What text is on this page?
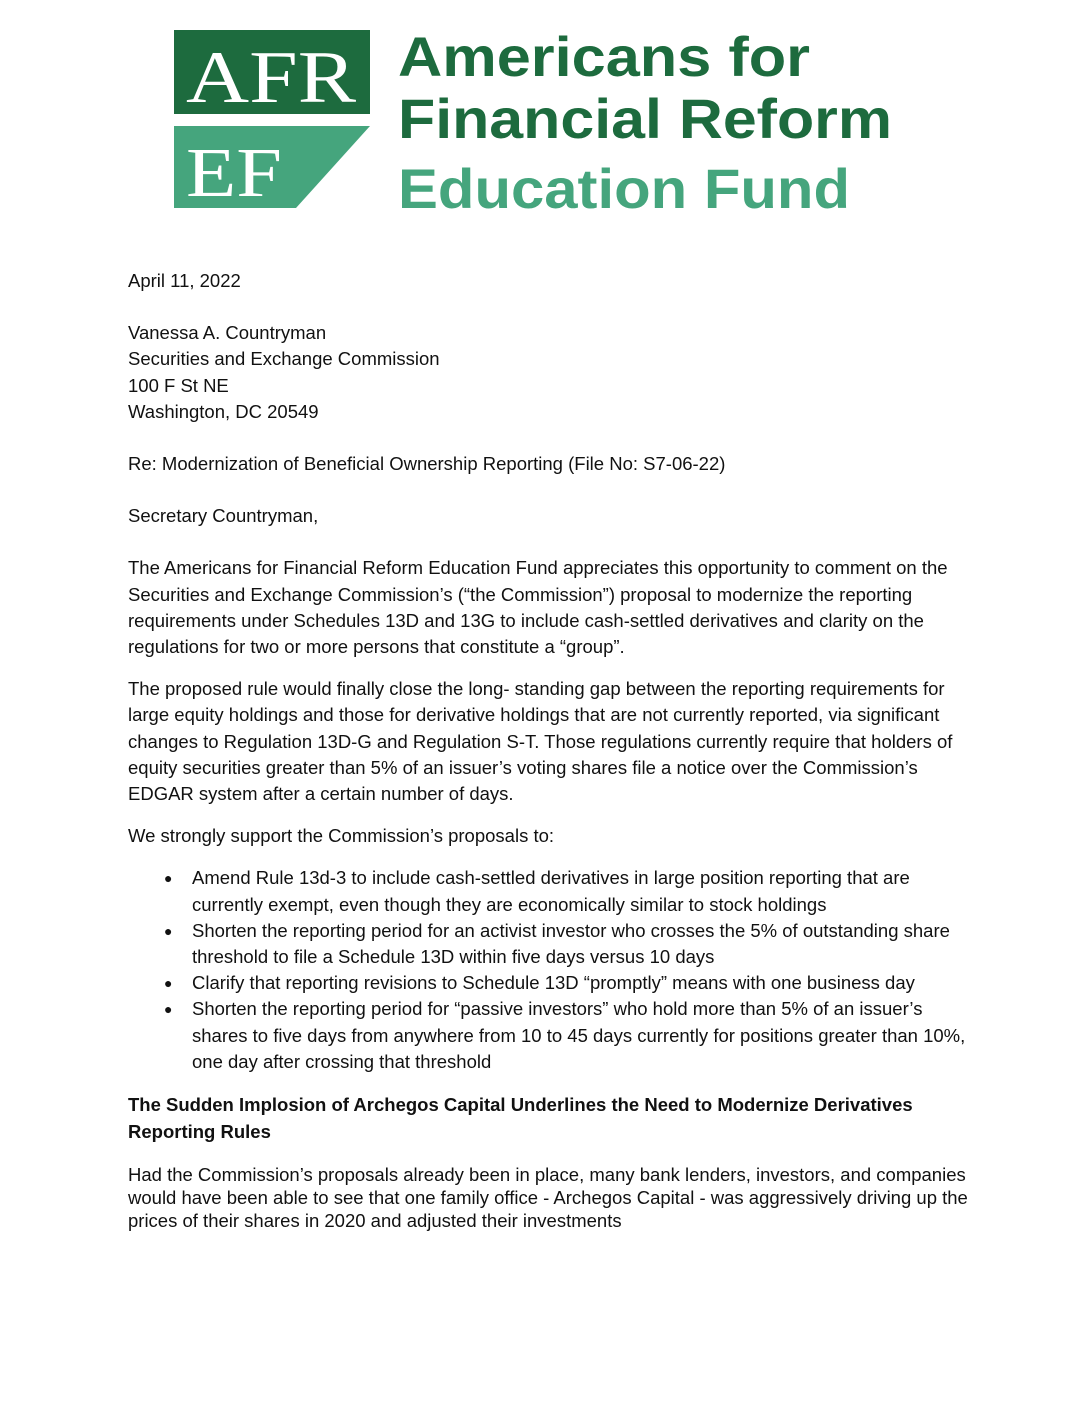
AFR
EF
Americans for
Financial Reform
Education Fund

April 11, 2022

Vanessa A. Countryman

Securities and Exchange Commission

100 F St NE

Washington, DC 20549

Re: Modernization of Beneficial Ownership Reporting (File No: S7-06-22)

Secretary Countryman,

The Americans for Financial Reform Education Fund appreciates this opportunity to comment on the Securities and Exchange Commission’s (“the Commission”) proposal to modernize the reporting requirements under Schedules 13D and 13G to include cash-settled derivatives and clarity on the regulations for two or more persons that constitute a “group”.

The proposed rule would finally close the long- standing gap between the reporting requirements for large equity holdings and those for derivative holdings that are not currently reported, via significant changes to Regulation 13D-G and Regulation S-T. Those regulations currently require that holders of equity securities greater than 5% of an issuer’s voting shares file a notice over the Commission’s EDGAR system after a certain number of days.

We strongly support the Commission’s proposals to:

● Amend Rule 13d-3 to include cash-settled derivatives in large position reporting that are currently exempt, even though they are economically similar to stock holdings
● Shorten the reporting period for an activist investor who crosses the 5% of outstanding share threshold to file a Schedule 13D within five days versus 10 days
● Clarify that reporting revisions to Schedule 13D “promptly” means with one business day
● Shorten the reporting period for “passive investors” who hold more than 5% of an issuer’s shares to five days from anywhere from 10 to 45 days currently for positions greater than 10%, one day after crossing that threshold

The Sudden Implosion of Archegos Capital Underlines the Need to Modernize Derivatives Reporting Rules

Had the Commission’s proposals already been in place, many bank lenders, investors, and companies would have been able to see that one family office - Archegos Capital - was aggressively driving up the prices of their shares in 2020 and adjusted their investments
